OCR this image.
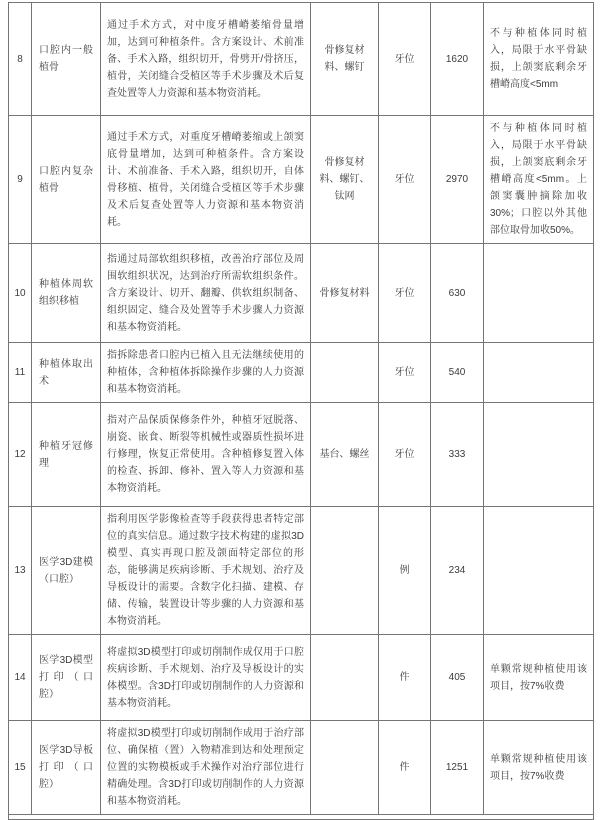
8	口腔内一般植骨	通过手术方式，对中度牙槽嵴萎缩骨量增加，达到可种植条件。含方案设计、术前准备、手术入路，组织切开，骨劈开/骨挤压，植骨，关闭缝合受植区等手术步骤及术后复查处置等人力资源和基本物资消耗。	骨修复材料、螺钉	牙位	1620	不与种植体同时植入，局限于水平骨缺损，上颌窦底剩余牙槽嵴高度<5mm
9	口腔内复杂植骨	通过手术方式，对重度牙槽嵴萎缩或上颌窦底骨量增加，达到可种植条件。含方案设计、术前准备、手术入路，组织切开，自体骨移植、植骨，关闭缝合受植区等手术步骤及术后复查处置等人力资源和基本物资消耗。	骨修复材料、螺钉、钛网	牙位	2970	不与种植体同时植入，局限于水平骨缺损，上颌窦底剩余牙槽嵴高度<5mm。上颌窦囊肿摘除加收30%；口腔以外其他部位取骨加收50%。
10	种植体周软组织移植	指通过局部软组织移植，改善治疗部位及周围软组织状况，达到治疗所需软组织条件。含方案设计、切开、翻瓣、供软组织制备、组织固定、缝合及处置等手术步骤人力资源和基本物资消耗。	骨修复材料	牙位	630	
11	种植体取出术	指拆除患者口腔内已植入且无法继续使用的种植体，含种植体拆除操作步骤的人力资源和基本物资消耗。		牙位	540	
12	种植牙冠修理	指对产品保质保修条件外，种植牙冠脱落、崩瓷、嵌食、断裂等机械性或器质性损坏进行修理，恢复正常使用。含种植修复置入体的检查、拆卸、修补、置入等人力资源和基本物资消耗。	基台、螺丝	牙位	333	
13	医学3D建模（口腔）	指利用医学影像检查等手段获得患者特定部位的真实信息。通过数字技术构建的虚拟3D模型、真实再现口腔及颌面特定部位的形态，能够满足疾病诊断、手术规划、治疗及导板设计的需要。含数字化扫描、建模、存储、传输，装置设计等步骤的人力资源和基本物资消耗。		例	234	
14	医学3D模型打印（口腔）	将虚拟3D模型打印或切削制作成仅用于口腔疾病诊断、手术规划、治疗及导板设计的实体模型。含3D打印或切削制作的人力资源和基本物资消耗。		件	405	单颗常规种植使用该项目，按7%收费
15	医学3D导板打印（口腔）	将虚拟3D模型打印或切削制作成用于治疗部位、确保植（置）入物精准到达和处理预定位置的实物模板或手术操作对治疗部位进行精确处理。含3D打印或切削制作的人力资源和基本物资消耗。		件	1251	单颗常规种植使用该项目，按7%收费
